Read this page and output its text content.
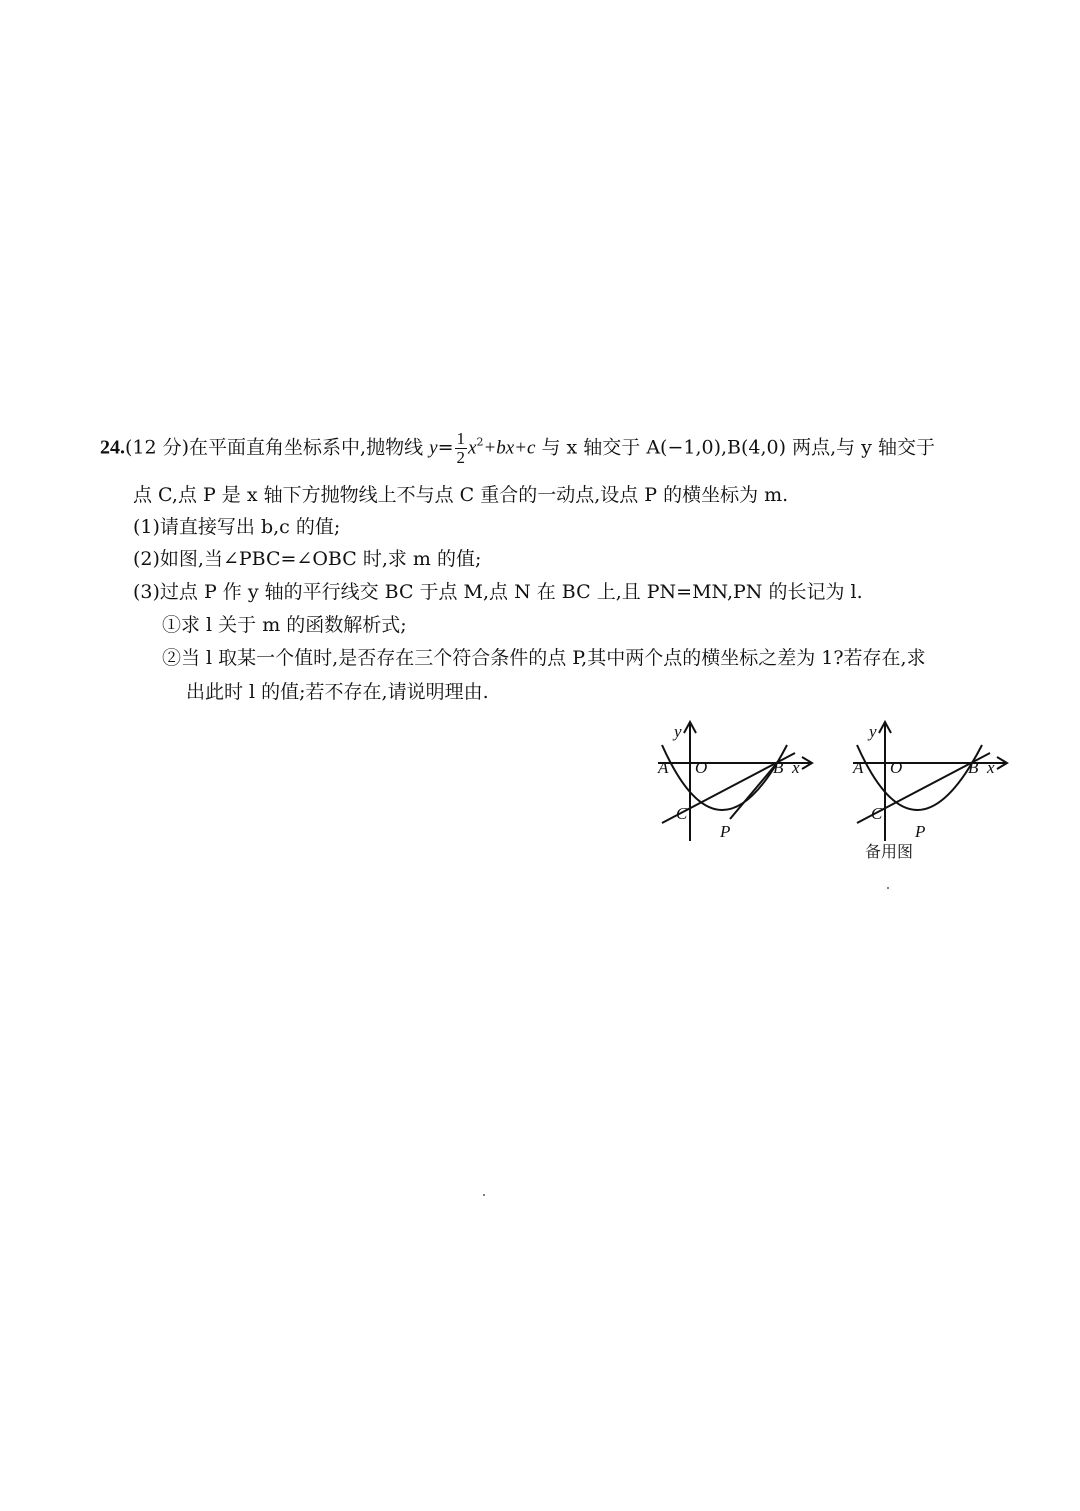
24.(12 分)在平面直角坐标系中,抛物线 $y= \frac{1}{2} x^2+bx+c$ 与 x 轴交于 A(−1,0),B(4,0) 两点,与 y 轴交于
点 C,点 P 是 x 轴下方抛物线上不与点 C 重合的一动点,设点 P 的横坐标为 m.
(1)请直接写出 b,c 的值;
(2)如图,当∠PBC=∠OBC 时,求 m 的值;
(3)过点 P 作 y 轴的平行线交 BC 于点 M,点 N 在 BC 上,且 PN=MN,PN 的长记为 l.
①求 l 关于 m 的函数解析式;
②当 l 取某一个值时,是否存在三个符合条件的点 P,其中两个点的横坐标之差为 1?若存在,求
出此时 l 的值;若不存在,请说明理由.
A O	B x
y
C
P
A O	B x
y
C
P
备用图
